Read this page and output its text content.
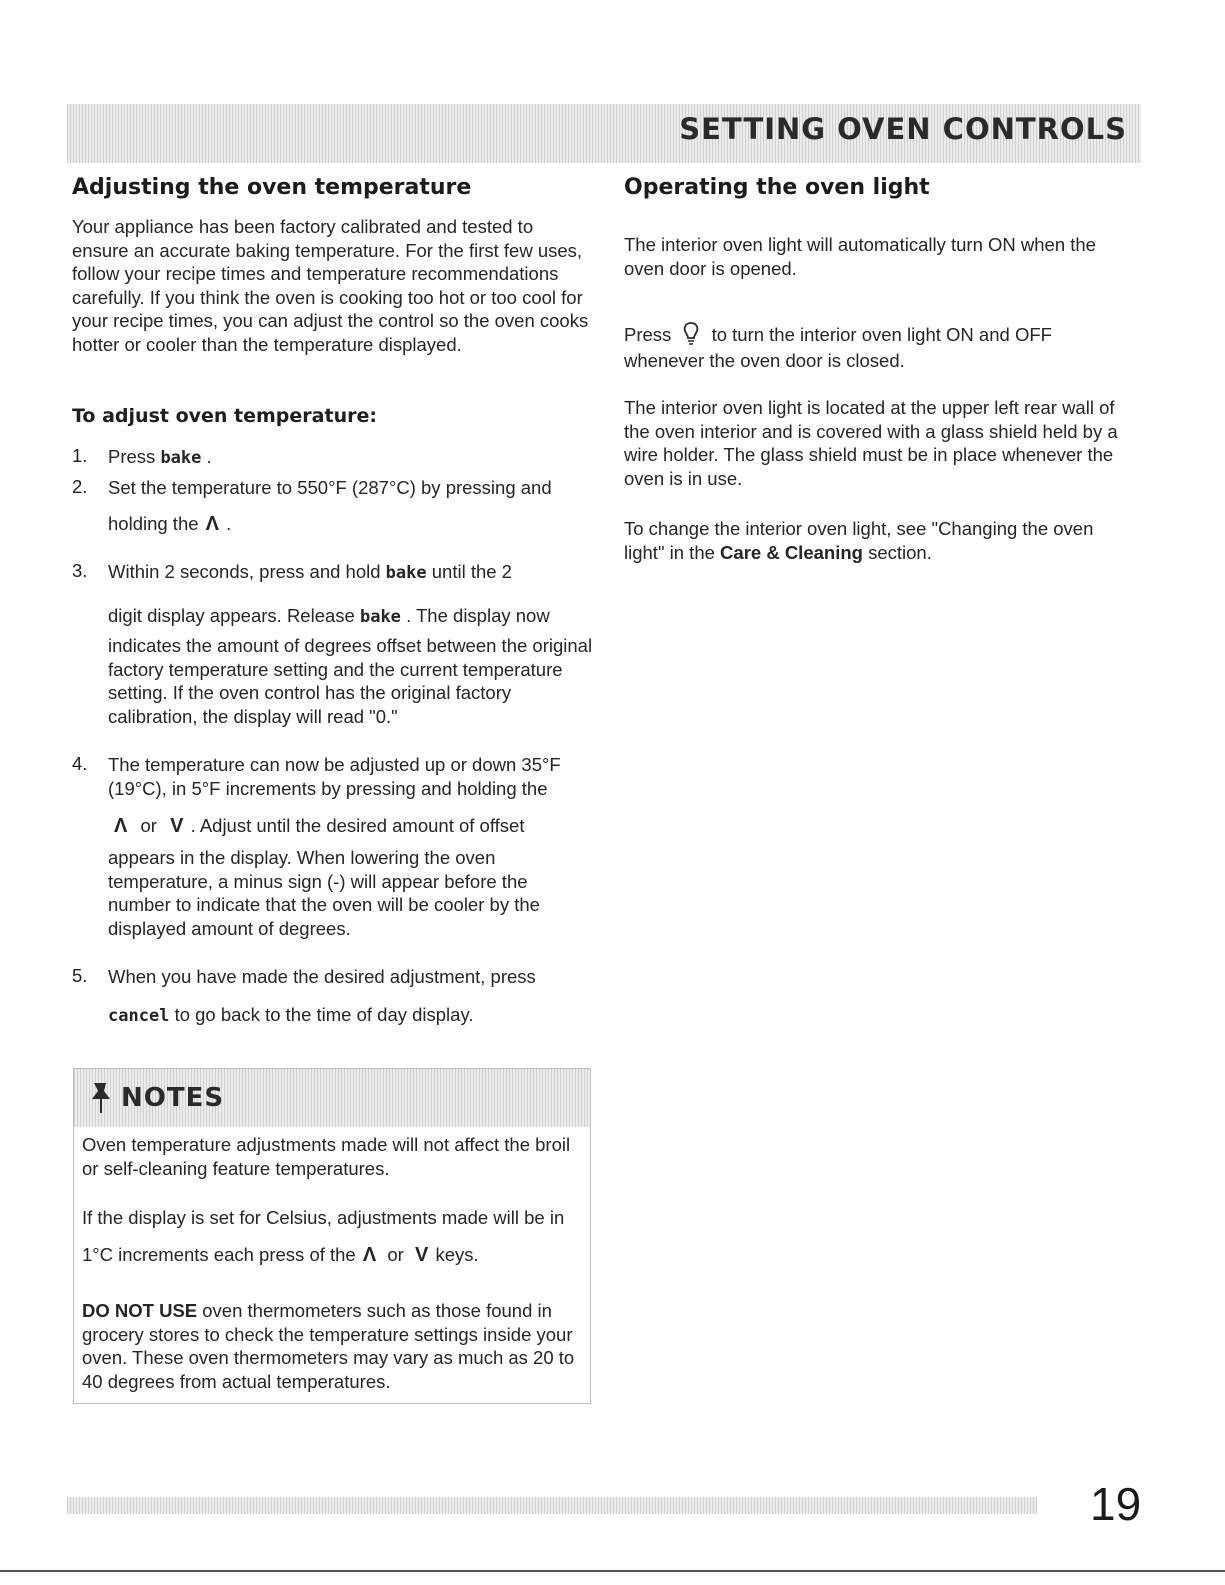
SETTING OVEN CONTROLS
Adjusting the oven temperature
Your appliance has been factory calibrated and tested to ensure an accurate baking temperature. For the first few uses, follow your recipe times and temperature recommendations carefully. If you think the oven is cooking too hot or too cool for your recipe times, you can adjust the control so the oven cooks hotter or cooler than the temperature displayed.
To adjust oven temperature:
1. Press bake .
2. Set the temperature to 550°F (287°C) by pressing and
holding the Λ .
3. Within 2 seconds, press and hold bake until the 2
digit display appears. Release bake . The display now
indicates the amount of degrees offset between the original factory temperature setting and the current temperature setting. If the oven control has the original factory calibration, the display will read "0."
4. The temperature can now be adjusted up or down 35°F (19°C), in 5°F increments by pressing and holding the
Λ or V . Adjust until the desired amount of offset
appears in the display. When lowering the oven temperature, a minus sign (-) will appear before the number to indicate that the oven will be cooler by the displayed amount of degrees.
5. When you have made the desired adjustment, press
cancel to go back to the time of day display.
NOTES
Oven temperature adjustments made will not affect the broil or self-cleaning feature temperatures.
If the display is set for Celsius, adjustments made will be in
1°C increments each press of the Λ or V keys.
DO NOT USE oven thermometers such as those found in grocery stores to check the temperature settings inside your oven. These oven thermometers may vary as much as 20 to 40 degrees from actual temperatures.
Operating the oven light
The interior oven light will automatically turn ON when the oven door is opened.
Press to turn the interior oven light ON and OFF
whenever the oven door is closed.
The interior oven light is located at the upper left rear wall of the oven interior and is covered with a glass shield held by a wire holder. The glass shield must be in place whenever the oven is in use.
To change the interior oven light, see "Changing the oven light" in the Care & Cleaning section.
19
